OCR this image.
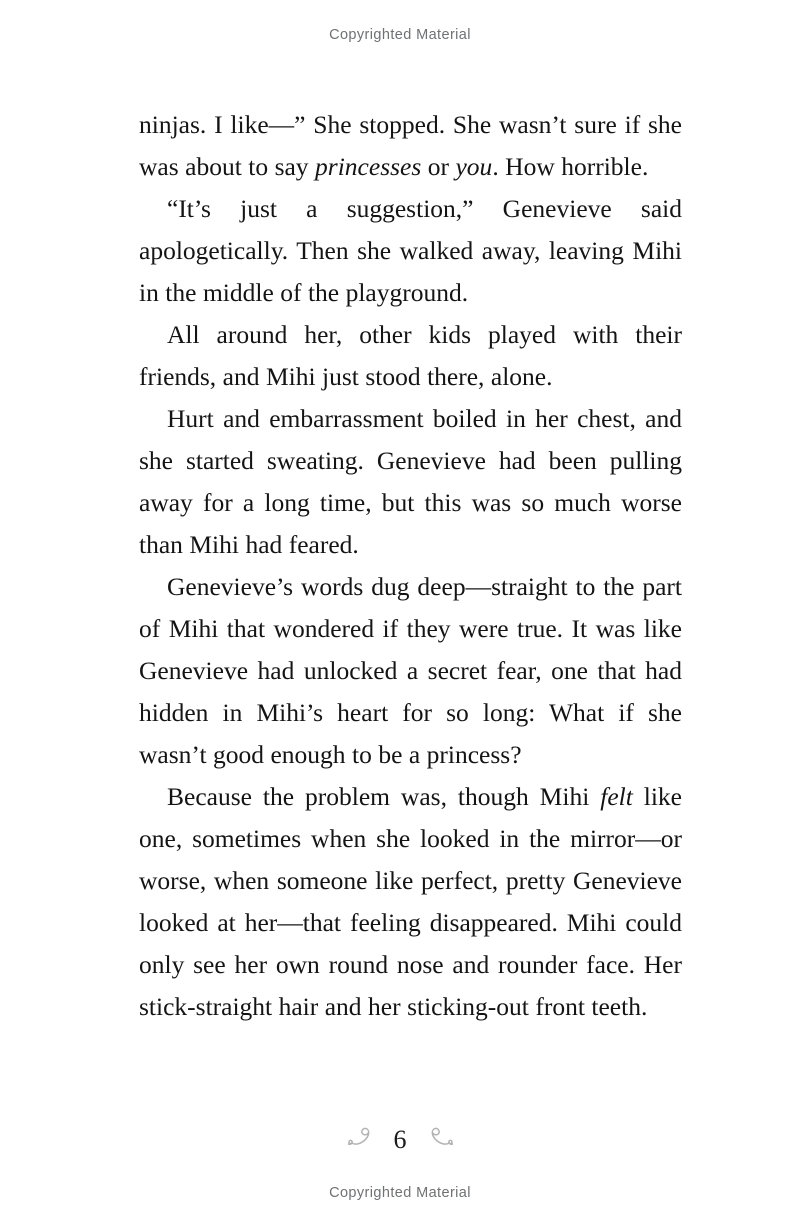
Copyrighted Material

ninjas. I like—” She stopped. She wasn’t sure if she was about to say princesses or you. How horrible.

“It’s just a suggestion,” Genevieve said apologetically. Then she walked away, leaving Mihi in the middle of the playground.

All around her, other kids played with their friends, and Mihi just stood there, alone.

Hurt and embarrassment boiled in her chest, and she started sweating. Genevieve had been pulling away for a long time, but this was so much worse than Mihi had feared.

Genevieve’s words dug deep—straight to the part of Mihi that wondered if they were true. It was like Genevieve had unlocked a secret fear, one that had hidden in Mihi’s heart for so long: What if she wasn’t good enough to be a princess?

Because the problem was, though Mihi felt like one, sometimes when she looked in the mirror—or worse, when someone like perfect, pretty Genevieve looked at her—that feeling disappeared. Mihi could only see her own round nose and rounder face. Her stick-straight hair and her sticking-out front teeth.

6
Copyrighted Material
